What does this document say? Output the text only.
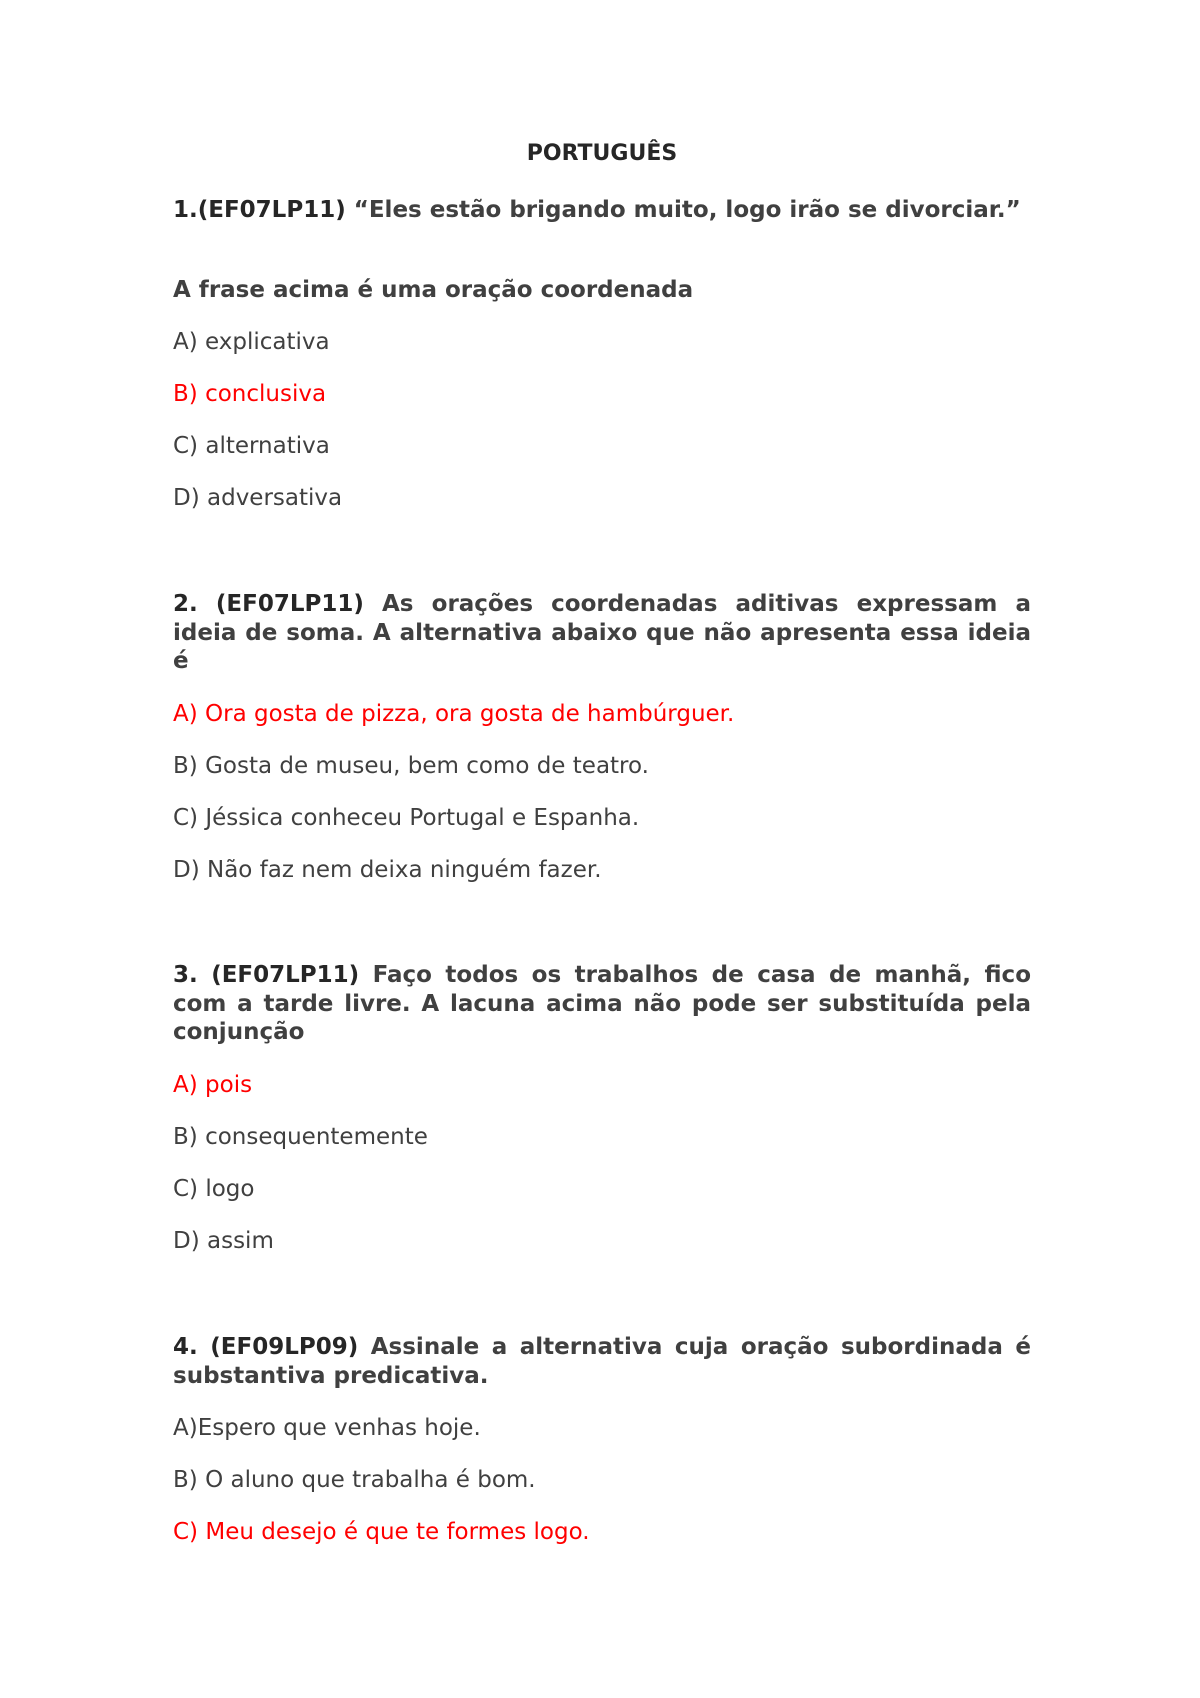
PORTUGUÊS

1.(EF07LP11) “Eles estão brigando muito, logo irão se divorciar.”

A frase acima é uma oração coordenada

A) explicativa

B) conclusiva

C) alternativa

D) adversativa

2. (EF07LP11) As orações coordenadas aditivas expressam a ideia de soma. A alternativa abaixo que não apresenta essa ideia é

A) Ora gosta de pizza, ora gosta de hambúrguer.

B) Gosta de museu, bem como de teatro.

C) Jéssica conheceu Portugal e Espanha.

D) Não faz nem deixa ninguém fazer.

3. (EF07LP11) Faço todos os trabalhos de casa de manhã, fico com a tarde livre. A lacuna acima não pode ser substituída pela conjunção

A) pois

B) consequentemente

C) logo

D) assim

4. (EF09LP09) Assinale a alternativa cuja oração subordinada é substantiva predicativa.

A)Espero que venhas hoje.

B) O aluno que trabalha é bom.

C) Meu desejo é que te formes logo.
